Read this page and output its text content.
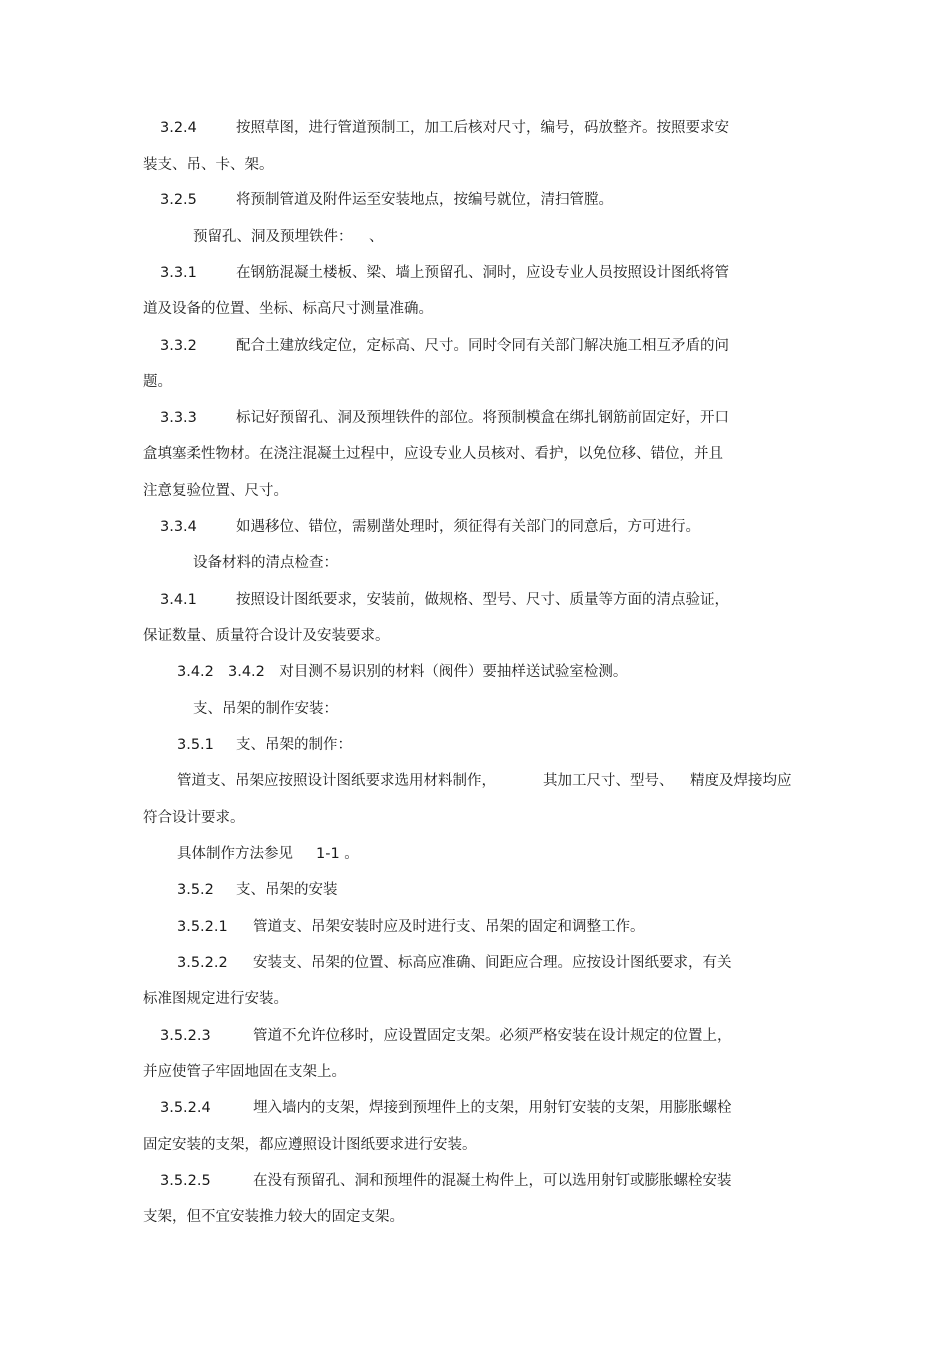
3.2.4	按照草图，进行管道预制工，加工后核对尺寸，编号，码放整齐。按照要求安
装支、吊、卡、架。
3.2.5	将预制管道及附件运至安装地点，按编号就位，清扫管膛。
预留孔、洞及预埋铁件： 、
3.3.1	在钢筋混凝土楼板、梁、墙上预留孔、洞时，应设专业人员按照设计图纸将管
道及设备的位置、坐标、标高尺寸测量准确。
3.3.2	配合土建放线定位，定标高、尺寸。同时令同有关部门解决施工相互矛盾的问
题。
3.3.3	标记好预留孔、洞及预埋铁件的部位。将预制模盒在绑扎钢筋前固定好，开口
盒填塞柔性物材。在浇注混凝土过程中，应设专业人员核对、看护，以免位移、错位，并且
注意复验位置、尺寸。
3.3.4	如遇移位、错位，需剔凿处理时，须征得有关部门的同意后，方可进行。
设备材料的清点检查：
3.4.1	按照设计图纸要求，安装前，做规格、型号、尺寸、质量等方面的清点验证，
保证数量、质量符合设计及安装要求。
3.4.2 3.4.2　对目测不易识别的材料（阀件）要抽样送试验室检测。
支、吊架的制作安装：
3.5.1 支、吊架的制作：
管道支、吊架应按照设计图纸要求选用材料制作，	其加工尺寸、型号、 精度及焊接均应
符合设计要求。
具体制作方法参见 1-1 。
3.5.2 支、吊架的安装
3.5.2.1 管道支、吊架安装时应及时进行支、吊架的固定和调整工作。
3.5.2.2 安装支、吊架的位置、标高应准确、间距应合理。应按设计图纸要求，有关
标准图规定进行安装。
3.5.2.3	管道不允许位移时，应设置固定支架。必须严格安装在设计规定的位置上，
并应使管子牢固地固在支架上。
3.5.2.4	埋入墙内的支架，焊接到预埋件上的支架，用射钉安装的支架，用膨胀螺栓
固定安装的支架，都应遵照设计图纸要求进行安装。
3.5.2.5	在没有预留孔、洞和预埋件的混凝土构件上，可以选用射钉或膨胀螺栓安装
支架，但不宜安装推力较大的固定支架。
